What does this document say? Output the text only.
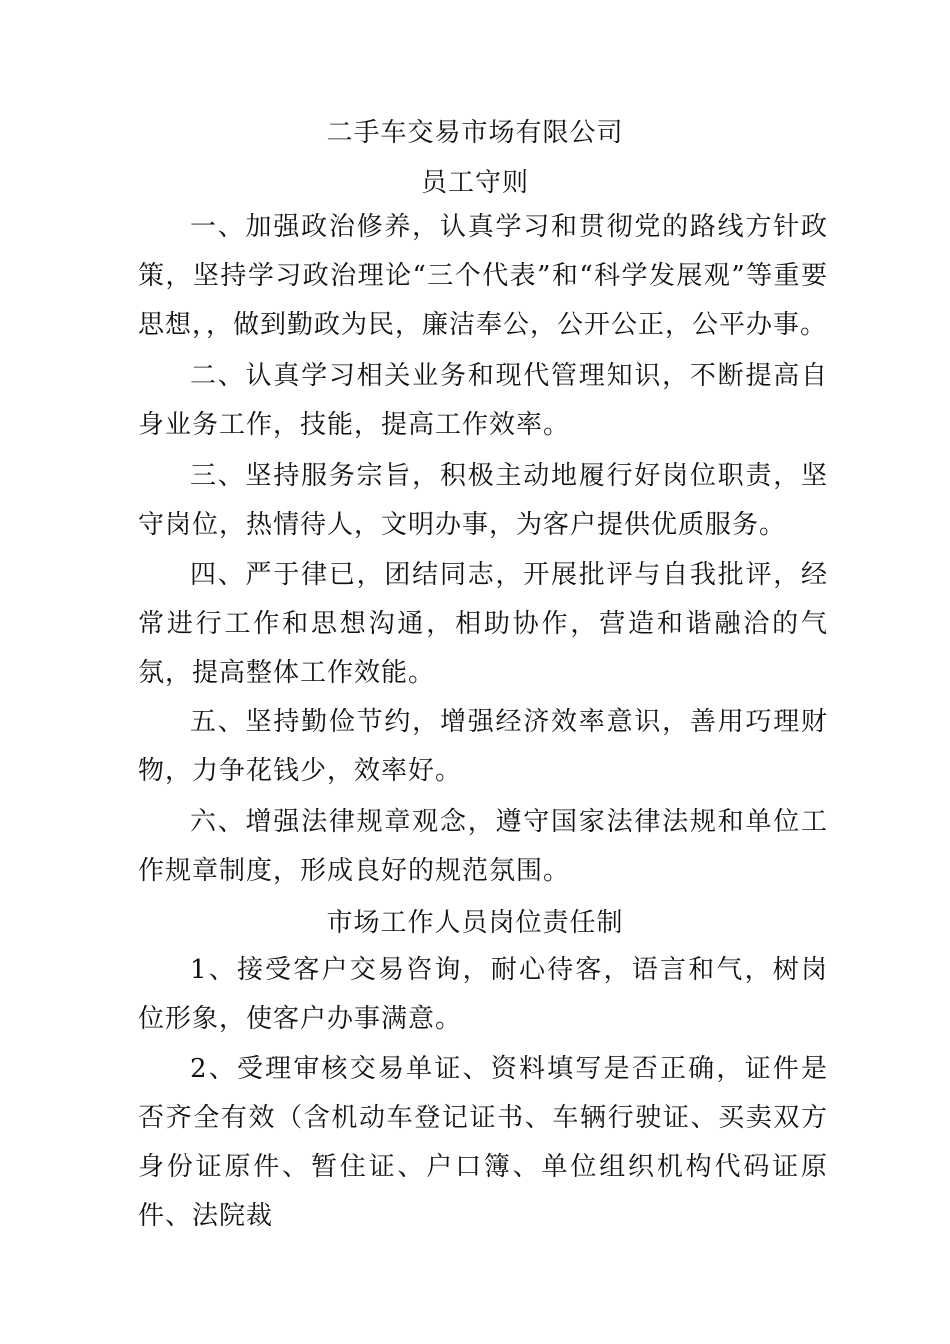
二手车交易市场有限公司
员工守则

一、加强政治修养，认真学习和贯彻党的路线方针政策，坚持学习政治理论“三个代表”和“科学发展观”等重要思想，，做到勤政为民，廉洁奉公，公开公正，公平办事。

二、认真学习相关业务和现代管理知识，不断提高自身业务工作，技能，提高工作效率。

三、坚持服务宗旨，积极主动地履行好岗位职责，坚守岗位，热情待人，文明办事，为客户提供优质服务。

四、严于律已，团结同志，开展批评与自我批评，经常进行工作和思想沟通，相助协作，营造和谐融洽的气氛，提高整体工作效能。

五、坚持勤俭节约，增强经济效率意识，善用巧理财物，力争花钱少，效率好。

六、增强法律规章观念，遵守国家法律法规和单位工作规章制度，形成良好的规范氛围。

市场工作人员岗位责任制

1、接受客户交易咨询，耐心待客，语言和气，树岗位形象，使客户办事满意。

2、受理审核交易单证、资料填写是否正确，证件是否齐全有效（含机动车登记证书、车辆行驶证、买卖双方身份证原件、暂住证、户口簿、单位组织机构代码证原件、法院裁
